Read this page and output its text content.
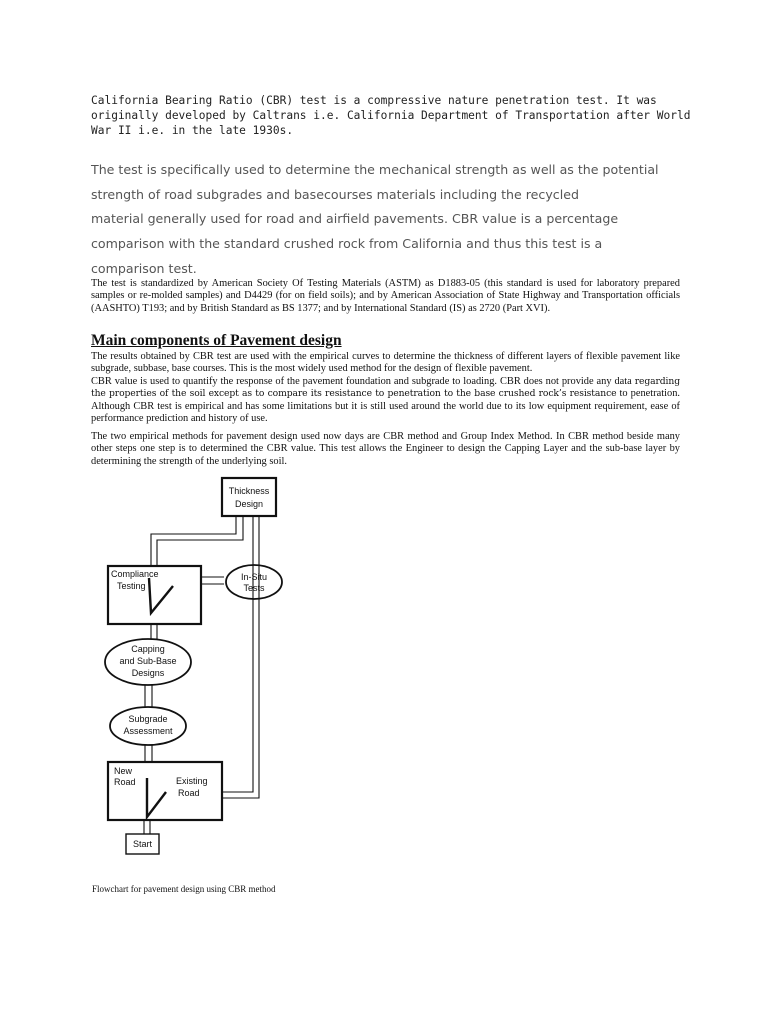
California Bearing Ratio (CBR) test is a compressive nature penetration test. It was originally developed by Caltrans i.e. California Department of Transportation after World War II i.e. in the late 1930s.

The test is specifically used to determine the mechanical strength as well as the potential

strength of road subgrades and basecourses materials including the recycled

material generally used for road and airfield pavements. CBR value is a percentage

comparison with the standard crushed rock from California and thus this test is a

comparison test.

The test is standardized by American Society Of Testing Materials (ASTM) as D1883-05 (this standard is used for laboratory prepared samples or re-molded samples) and D4429 (for on field soils); and by American Association of State Highway and Transportation officials (AASHTO) T193; and by British Standard as BS 1377; and by International Standard (IS) as 2720 (Part XVI).

Main components of Pavement design

The results obtained by CBR test are used with the empirical curves to determine the thickness of different layers of flexible pavement like subgrade, subbase, base courses. This is the most widely used method for the design of flexible pavement.

CBR value is used to quantify the response of the pavement foundation and subgrade to loading. CBR does not provide any data regarding the properties of the soil except as to compare its resistance to penetration to the base crushed rock’s resistance to penetration. Although CBR test is empirical and has some limitations but it is still used around the world due to its low equipment requirement, ease of performance prediction and history of use.

The two empirical methods for pavement design used now days are CBR method and Group Index Method. In CBR method beside many other steps one step is to determined the CBR value. This test allows the Engineer to design the Capping Layer and the sub-base layer by determining the strength of the underlying soil.

Thickness
Design
Compliance
Testing
In-Situ
Tests
Capping
and Sub-Base
Designs
Subgrade
Assessment
New
Road	Existing
Road
Start

Flowchart for pavement design using CBR method
